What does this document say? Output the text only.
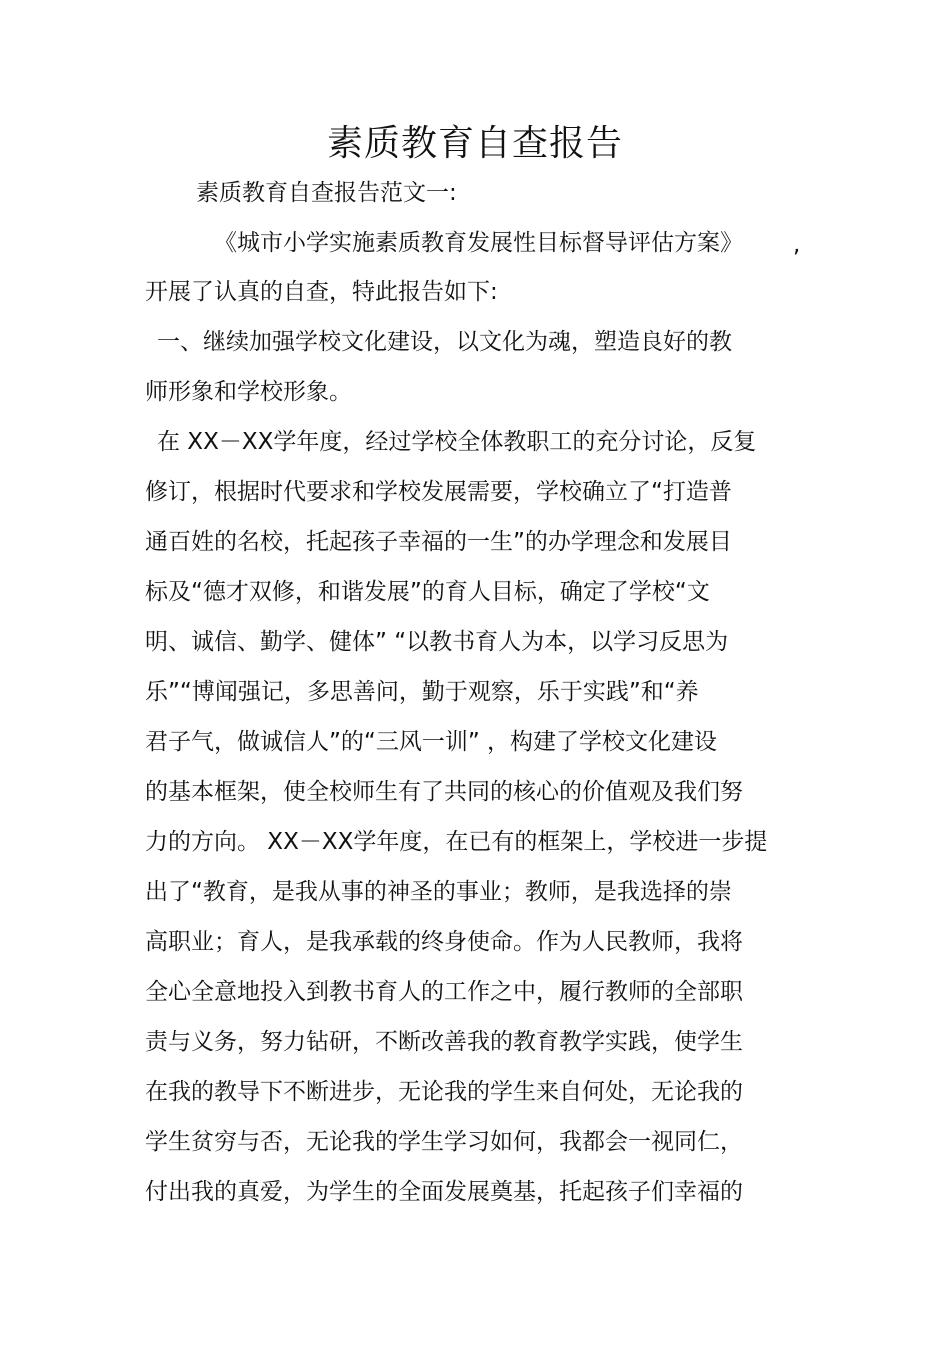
素质教育自查报告
素质教育自查报告范文一:
《城市小学实施素质教育发展性目标督导评估方案》 ,
开展了认真的自查，特此报告如下:
一、继续加强学校文化建设，以文化为魂，塑造良好的教
师形象和学校形象。
在 XX－XX学年度，经过学校全体教职工的充分讨论，反复
修订，根据时代要求和学校发展需要，学校确立了“打造普
通百姓的名校，托起孩子幸福的一生”的办学理念和发展目
标及“德才双修，和谐发展”的育人目标，确定了学校“文
明、诚信、勤学、健体” “以教书育人为本，以学习反思为
乐”“博闻强记，多思善问，勤于观察，乐于实践”和“养
君子气，做诚信人”的“三风一训” ，构建了学校文化建设
的基本框架，使全校师生有了共同的核心的价值观及我们努
力的方向。 XX－XX学年度，在已有的框架上，学校进一步提
出了“教育，是我从事的神圣的事业；教师，是我选择的崇
高职业；育人，是我承载的终身使命。作为人民教师，我将
全心全意地投入到教书育人的工作之中，履行教师的全部职
责与义务，努力钻研，不断改善我的教育教学实践，使学生
在我的教导下不断进步，无论我的学生来自何处，无论我的
学生贫穷与否，无论我的学生学习如何，我都会一视同仁，
付出我的真爱，为学生的全面发展奠基，托起孩子们幸福的
